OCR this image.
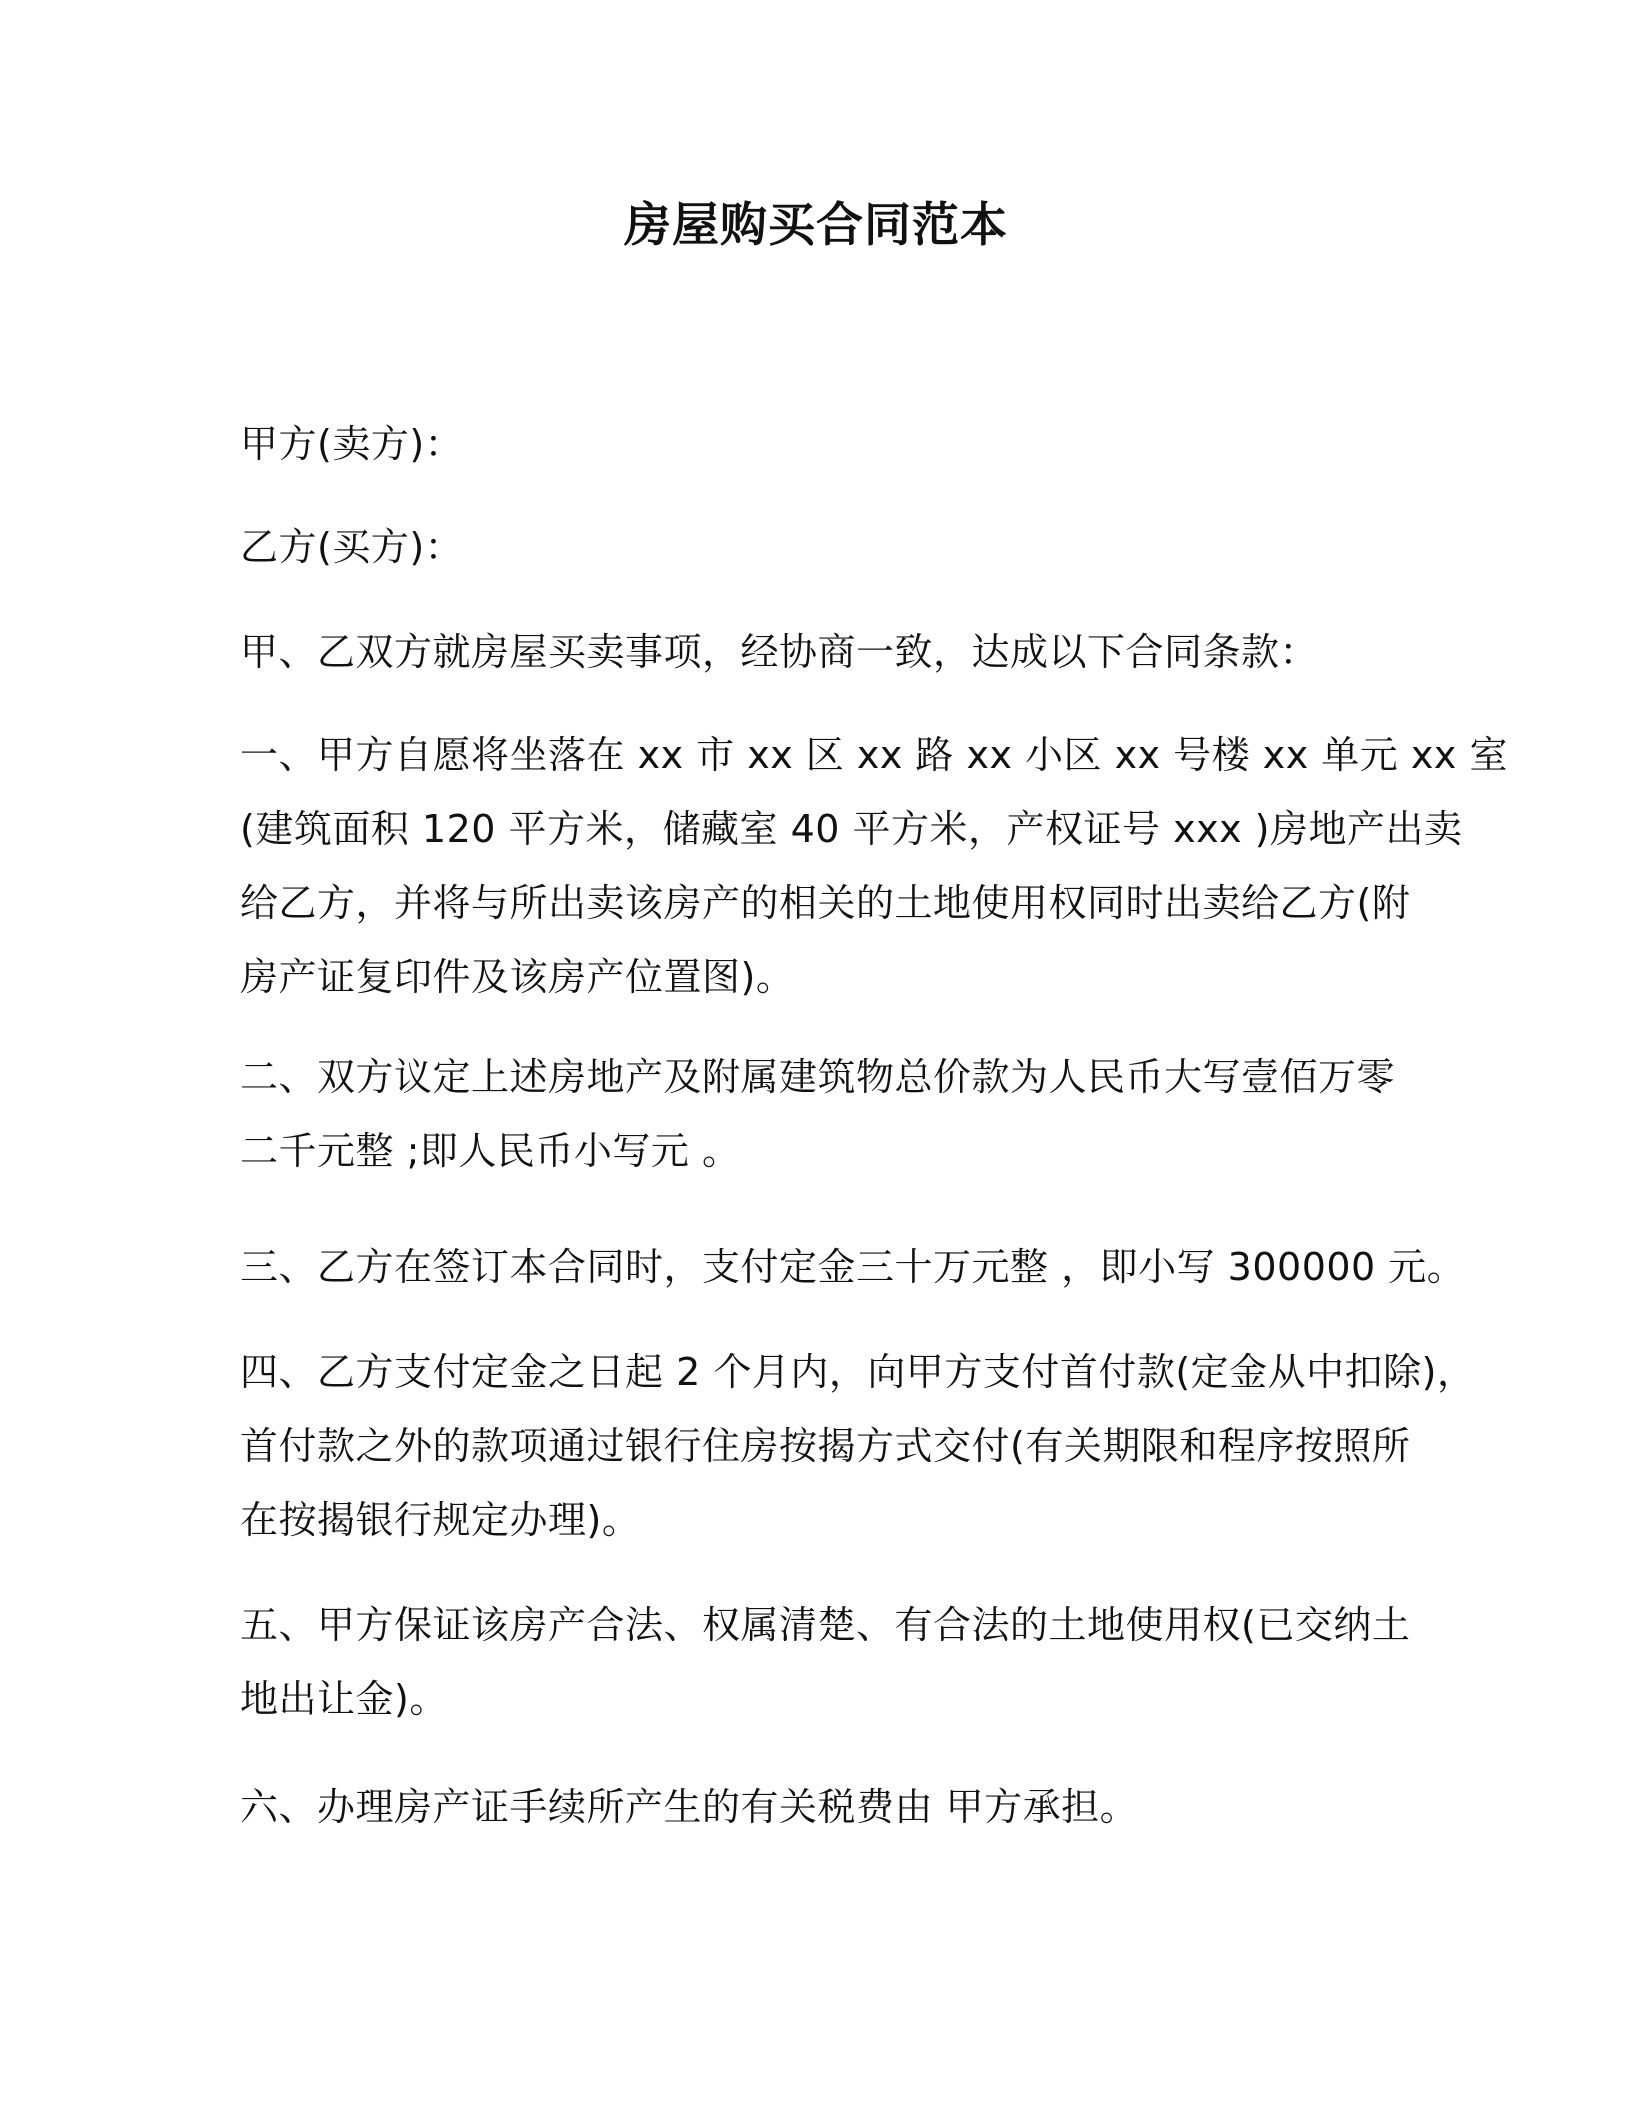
房屋购买合同范本
甲方(卖方)：
乙方(买方)：
甲、乙双方就房屋买卖事项，经协商一致，达成以下合同条款：
一、甲方自愿将坐落在 xx 市 xx 区 xx 路 xx 小区 xx 号楼 xx 单元 xx 室
(建筑面积 120 平方米，储藏室 40 平方米，产权证号 xxx )房地产出卖
给乙方，并将与所出卖该房产的相关的土地使用权同时出卖给乙方(附
房产证复印件及该房产位置图)。
二、双方议定上述房地产及附属建筑物总价款为人民币大写壹佰万零
二千元整 ;即人民币小写元 。
三、乙方在签订本合同时，支付定金三十万元整 ，即小写 300000 元。
四、乙方支付定金之日起 2 个月内，向甲方支付首付款(定金从中扣除)，
首付款之外的款项通过银行住房按揭方式交付(有关期限和程序按照所
在按揭银行规定办理)。
五、甲方保证该房产合法、权属清楚、有合法的土地使用权(已交纳土
地出让金)。
六、办理房产证手续所产生的有关税费由 甲方承担。
